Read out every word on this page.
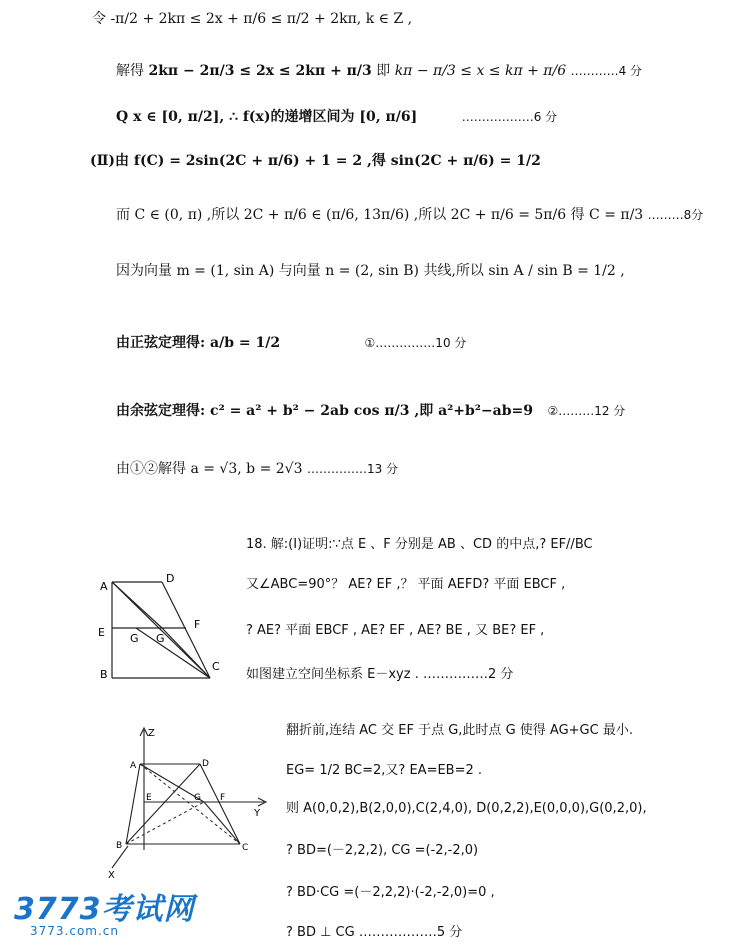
令 -π/2 + 2kπ ≤ 2x + π/6 ≤ π/2 + 2kπ, k ∈ Z ,
解得 2kπ − 2π/3 ≤ 2x ≤ 2kπ + π/3 即 kπ − π/3 ≤ x ≤ kπ + π/6 …………4 分
Q x ∈ [0, π/2], ∴ f(x)的递增区间为 [0, π/6]	………………6 分
(Ⅱ)由 f(C) = 2sin(2C + π/6) + 1 = 2 ,得 sin(2C + π/6) = 1/2
而 C ∈ (0, π) ,所以 2C + π/6 ∈ (π/6, 13π/6) ,所以 2C + π/6 = 5π/6 得 C = π/3 ………8分
因为向量 m = (1, sin A) 与向量 n = (2, sin B) 共线,所以 sin A / sin B = 1/2 ,
由正弦定理得: a/b = 1/2	①……………10 分
由余弦定理得: c² = a² + b² − 2ab cos π/3 ,即 a²+b²−ab=9 ②………12 分
由①②解得 a = √3, b = 2√3 ……………13 分
18. 解:(Ⅰ)证明:∵点 E 、F 分别是 AB 、CD 的中点,? EF//BC
又∠ABC=90°？ AE? EF ,？ 平面 AEFD? 平面 EBCF ,
? AE? 平面 EBCF , AE? EF , AE? BE , 又 BE? EF ,
如图建立空间坐标系 E－xyz . ……………2 分
翻折前,连结 AC 交 EF 于点 G,此时点 G 使得 AG+GC 最小.
EG= 1/2 BC=2,又? EA=EB=2 .
则 A(0,0,2),B(2,0,0),C(2,4,0), D(0,2,2),E(0,0,0),G(0,2,0),
? BD=(－2,2,2), CG =(-2,-2,0)
? BD·CG =(－2,2,2)·(-2,-2,0)=0 ,
? BD ⊥ CG ………………5 分
A
D
E
F
G G
B
C
Z
A	D
E	G F
Y
B	C
X
3773考试网
3773.com.cn
